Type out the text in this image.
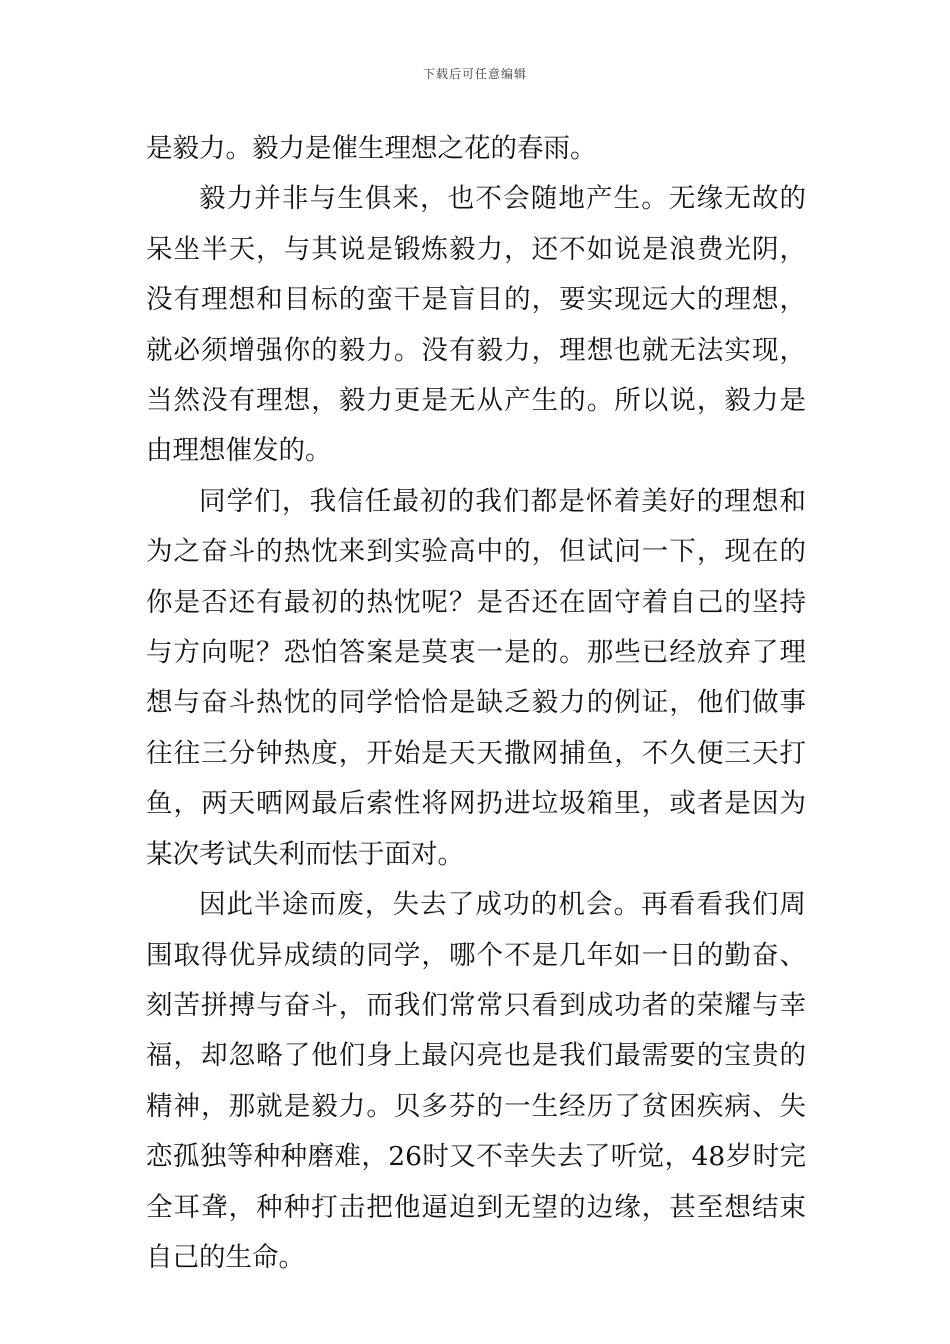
下载后可任意编辑

是毅力。毅力是催生理想之花的春雨。

毅力并非与生俱来，也不会随地产生。无缘无故的呆坐半天，与其说是锻炼毅力，还不如说是浪费光阴，没有理想和目标的蛮干是盲目的，要实现远大的理想，就必须增强你的毅力。没有毅力，理想也就无法实现，当然没有理想，毅力更是无从产生的。所以说，毅力是由理想催发的。

同学们，我信任最初的我们都是怀着美好的理想和为之奋斗的热忱来到实验高中的，但试问一下，现在的你是否还有最初的热忱呢？是否还在固守着自己的坚持与方向呢？恐怕答案是莫衷一是的。那些已经放弃了理想与奋斗热忱的同学恰恰是缺乏毅力的例证，他们做事往往三分钟热度，开始是天天撒网捕鱼，不久便三天打鱼，两天晒网最后索性将网扔进垃圾箱里，或者是因为某次考试失利而怯于面对。

因此半途而废，失去了成功的机会。再看看我们周围取得优异成绩的同学，哪个不是几年如一日的勤奋、刻苦拼搏与奋斗，而我们常常只看到成功者的荣耀与幸福，却忽略了他们身上最闪亮也是我们最需要的宝贵的精神，那就是毅力。贝多芬的一生经历了贫困疾病、失恋孤独等种种磨难，26时又不幸失去了听觉，48岁时完全耳聋，种种打击把他逼迫到无望的边缘，甚至想结束自己的生命。
